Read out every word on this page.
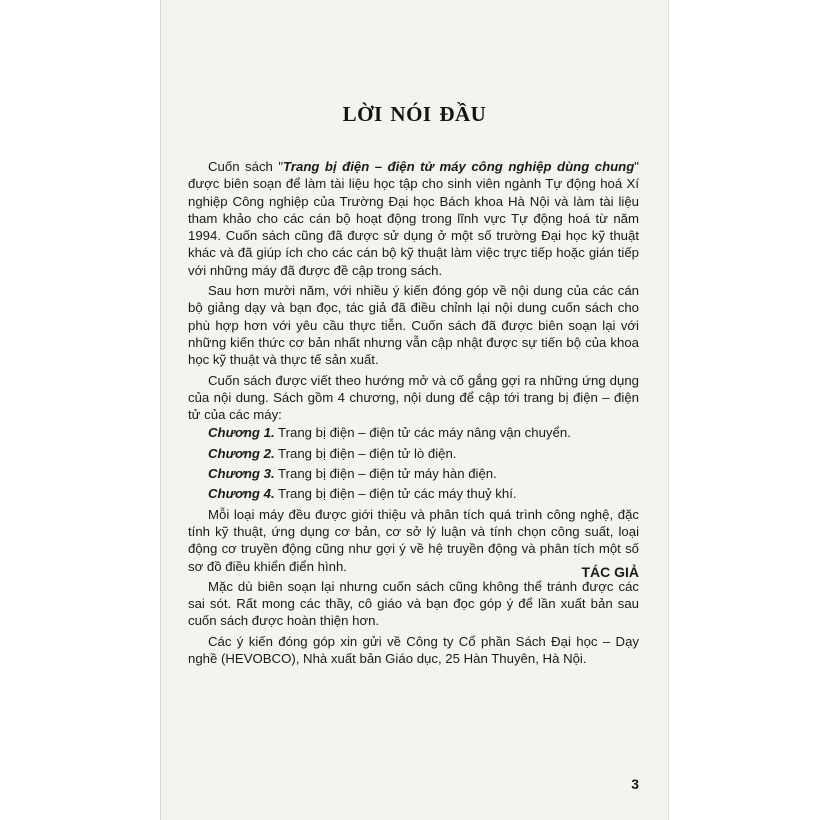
LỜI NÓI ĐẦU

Cuốn sách "Trang bị điện – điện tử máy công nghiệp dùng chung" được biên soạn để làm tài liệu học tập cho sinh viên ngành Tự động hoá Xí nghiệp Công nghiệp của Trường Đại học Bách khoa Hà Nội và làm tài liệu tham khảo cho các cán bộ hoạt động trong lĩnh vực Tự động hoá từ năm 1994. Cuốn sách cũng đã được sử dụng ở một số trường Đại học kỹ thuật khác và đã giúp ích cho các cán bộ kỹ thuật làm việc trực tiếp hoặc gián tiếp với những máy đã được đề cập trong sách.

Sau hơn mười năm, với nhiều ý kiến đóng góp về nội dung của các cán bộ giảng dạy và bạn đọc, tác giả đã điều chỉnh lại nội dung cuốn sách cho phù hợp hơn với yêu cầu thực tiễn. Cuốn sách đã được biên soạn lại với những kiến thức cơ bản nhất nhưng vẫn cập nhật được sự tiến bộ của khoa học kỹ thuật và thực tế sản xuất.

Cuốn sách được viết theo hướng mở và cố gắng gợi ra những ứng dụng của nội dung. Sách gồm 4 chương, nội dung để cập tới trang bị điện – điện tử của các máy:

Chương 1. Trang bị điện – điện tử các máy nâng vận chuyển.
Chương 2. Trang bị điện – điện tử lò điện.
Chương 3. Trang bị điện – điện tử máy hàn điện.
Chương 4. Trang bị điện – điện tử các máy thuỷ khí.

Mỗi loại máy đều được giới thiệu và phân tích quá trình công nghệ, đặc tính kỹ thuật, ứng dụng cơ bản, cơ sở lý luận và tính chọn công suất, loại động cơ truyền động cũng như gợi ý về hệ truyền động và phân tích một số sơ đồ điều khiển điển hình.

Mặc dù biên soạn lại nhưng cuốn sách cũng không thể tránh được các sai sót. Rất mong các thầy, cô giáo và bạn đọc góp ý để lần xuất bản sau cuốn sách được hoàn thiện hơn.

Các ý kiến đóng góp xin gửi về Công ty Cổ phần Sách Đại học – Dạy nghề (HEVOBCO), Nhà xuất bản Giáo dục, 25 Hàn Thuyên, Hà Nội.

TÁC GIẢ
3
